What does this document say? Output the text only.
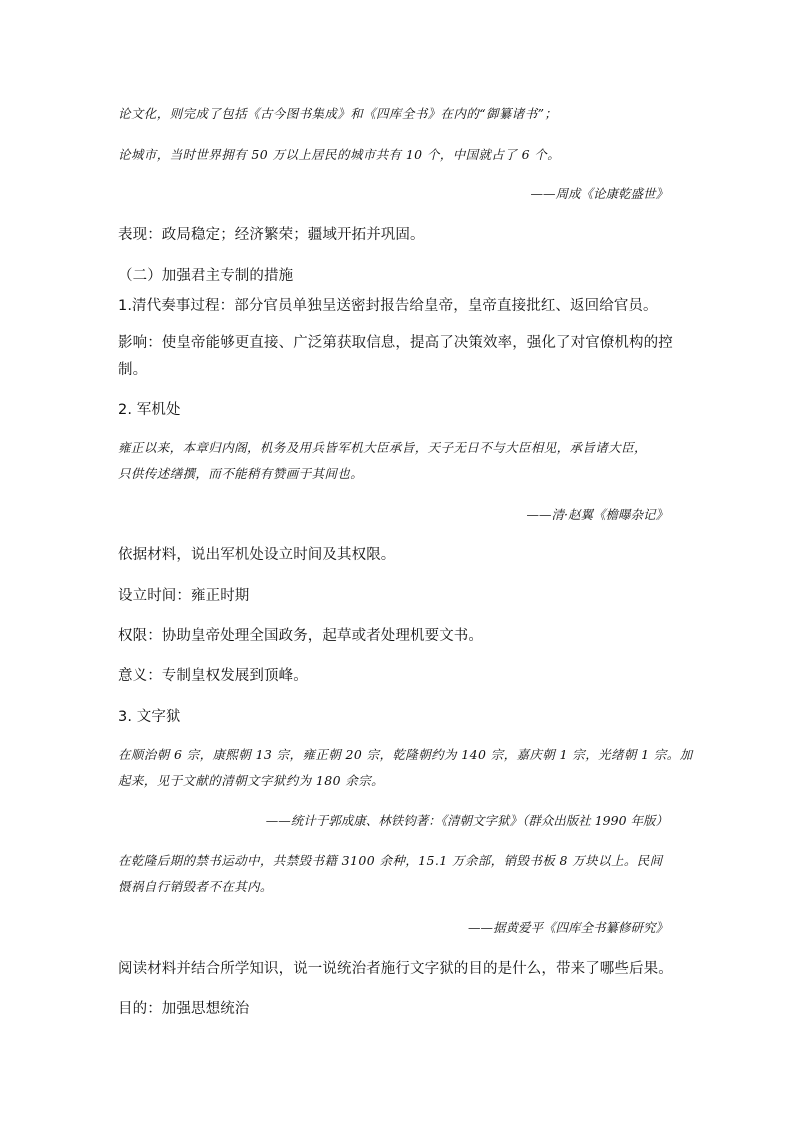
论文化，则完成了包括《古今图书集成》和《四库全书》在内的“御纂诸书”；

论城市，当时世界拥有 50 万以上居民的城市共有 10 个，中国就占了 6 个。

——周成《论康乾盛世》

表现：政局稳定；经济繁荣；疆域开拓并巩固。

（二）加强君主专制的措施

1.清代奏事过程：部分官员单独呈送密封报告给皇帝，皇帝直接批红、返回给官员。

影响：使皇帝能够更直接、广泛第获取信息，提高了决策效率，强化了对官僚机构的控

制。

2. 军机处

雍正以来，本章归内阁，机务及用兵皆军机大臣承旨，天子无日不与大臣相见，承旨诸大臣，

只供传述缮撰，而不能稍有赞画于其间也。

——清·赵翼《檐曝杂记》

依据材料，说出军机处设立时间及其权限。

设立时间：雍正时期

权限：协助皇帝处理全国政务，起草或者处理机要文书。

意义：专制皇权发展到顶峰。

3. 文字狱

在顺治朝 6 宗，康熙朝 13 宗，雍正朝 20 宗，乾隆朝约为 140 宗，嘉庆朝 1 宗，光绪朝 1 宗。加

起来，见于文献的清朝文字狱约为 180 余宗。

——统计于郭成康、林铁钧著：《清朝文字狱》（群众出版社 1990 年版）

在乾隆后期的禁书运动中，共禁毁书籍 3100 余种，15.1 万余部，销毁书板 8 万块以上。民间

慑祸自行销毁者不在其内。

——据黄爱平《四库全书纂修研究》

阅读材料并结合所学知识，说一说统治者施行文字狱的目的是什么，带来了哪些后果。

目的：加强思想统治
